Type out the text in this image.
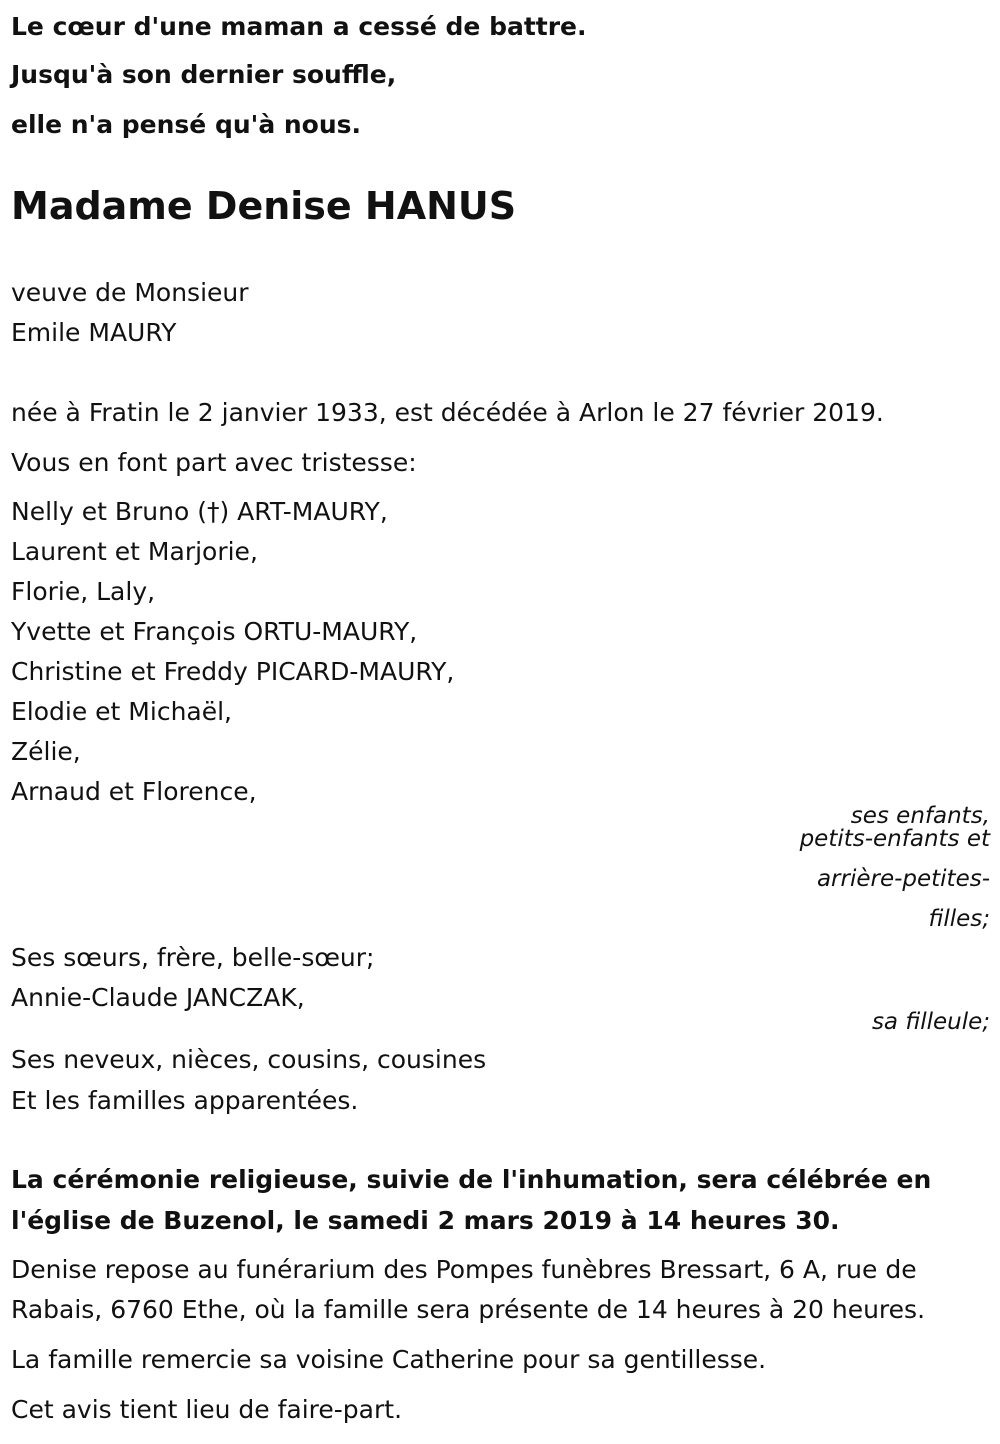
Le cœur d'une maman a cessé de battre.
Jusqu'à son dernier souffle,
elle n'a pensé qu'à nous.
Madame Denise HANUS
veuve de Monsieur
Emile MAURY
née à Fratin le 2 janvier 1933, est décédée à Arlon le 27 février 2019.
Vous en font part avec tristesse:
Nelly et Bruno (†) ART-MAURY,
Laurent et Marjorie,
Florie, Laly,
Yvette et François ORTU-MAURY,
Christine et Freddy PICARD-MAURY,
Elodie et Michaël,
Zélie,
Arnaud et Florence,
ses enfants,
petits-enfants et
arrière-petites-
filles;
Ses sœurs, frère, belle-sœur;
Annie-Claude JANCZAK,
sa filleule;
Ses neveux, nièces, cousins, cousines
Et les familles apparentées.
La cérémonie religieuse, suivie de l'inhumation, sera célébrée en
l'église de Buzenol, le samedi 2 mars 2019 à 14 heures 30.
Denise repose au funérarium des Pompes funèbres Bressart, 6 A, rue de
Rabais, 6760 Ethe, où la famille sera présente de 14 heures à 20 heures.
La famille remercie sa voisine Catherine pour sa gentillesse.
Cet avis tient lieu de faire-part.
